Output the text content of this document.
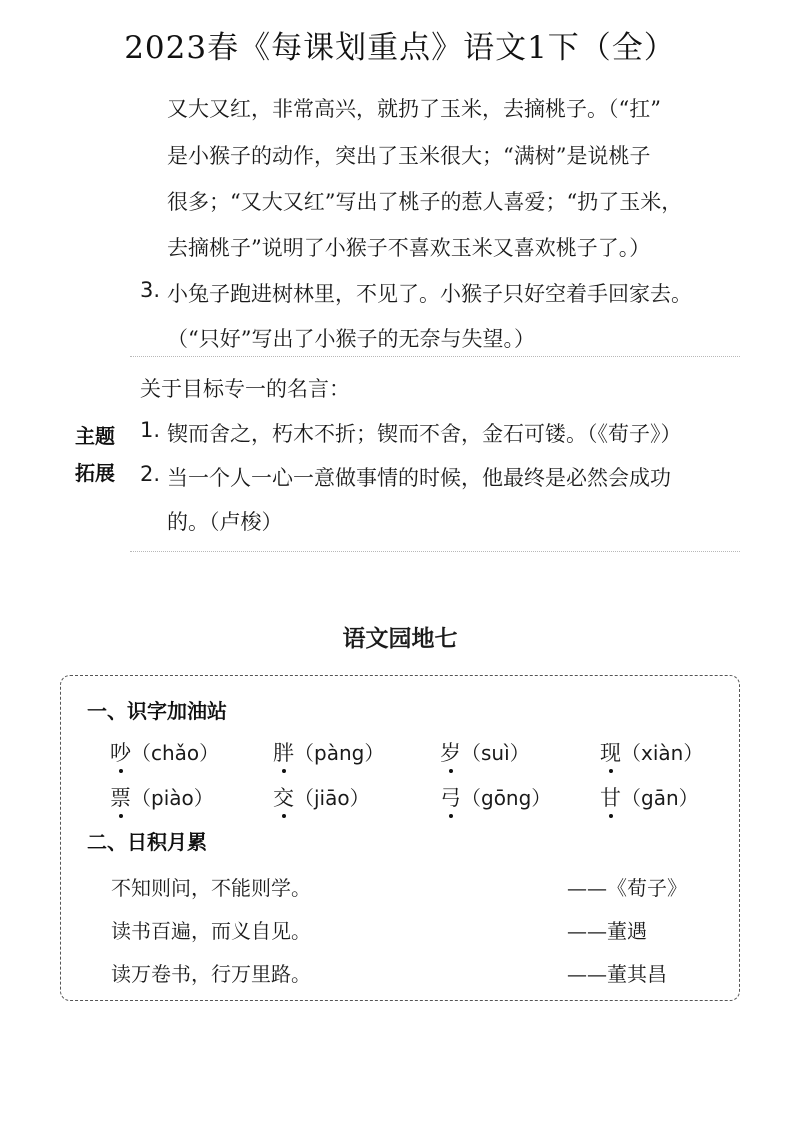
2023春《每课划重点》语文1下（全）
又大又红，非常高兴，就扔了玉米，去摘桃子。（“扛”
是小猴子的动作，突出了玉米很大；“满树”是说桃子
很多；“又大又红”写出了桃子的惹人喜爱；“扔了玉米，
去摘桃子”说明了小猴子不喜欢玉米又喜欢桃子了。）
3. 小兔子跑进树林里，不见了。小猴子只好空着手回家去。
（“只好”写出了小猴子的无奈与失望。）
主题
拓展
关于目标专一的名言：
1. 锲而舍之，朽木不折；锲而不舍，金石可镂。（《荀子》）
2. 当一个人一心一意做事情的时候，他最终是必然会成功
的。（卢梭）
语文园地七
一、识字加油站
吵（chǎo）	胖（pàng）	岁（suì）	现（xiàn）
票（piào）	交（jiāo）	弓（gōng） 甘（gān）
二、日积月累
不知则问，不能则学。	——《荀子》
读书百遍，而义自见。	——董遇
读万卷书，行万里路。	——董其昌
